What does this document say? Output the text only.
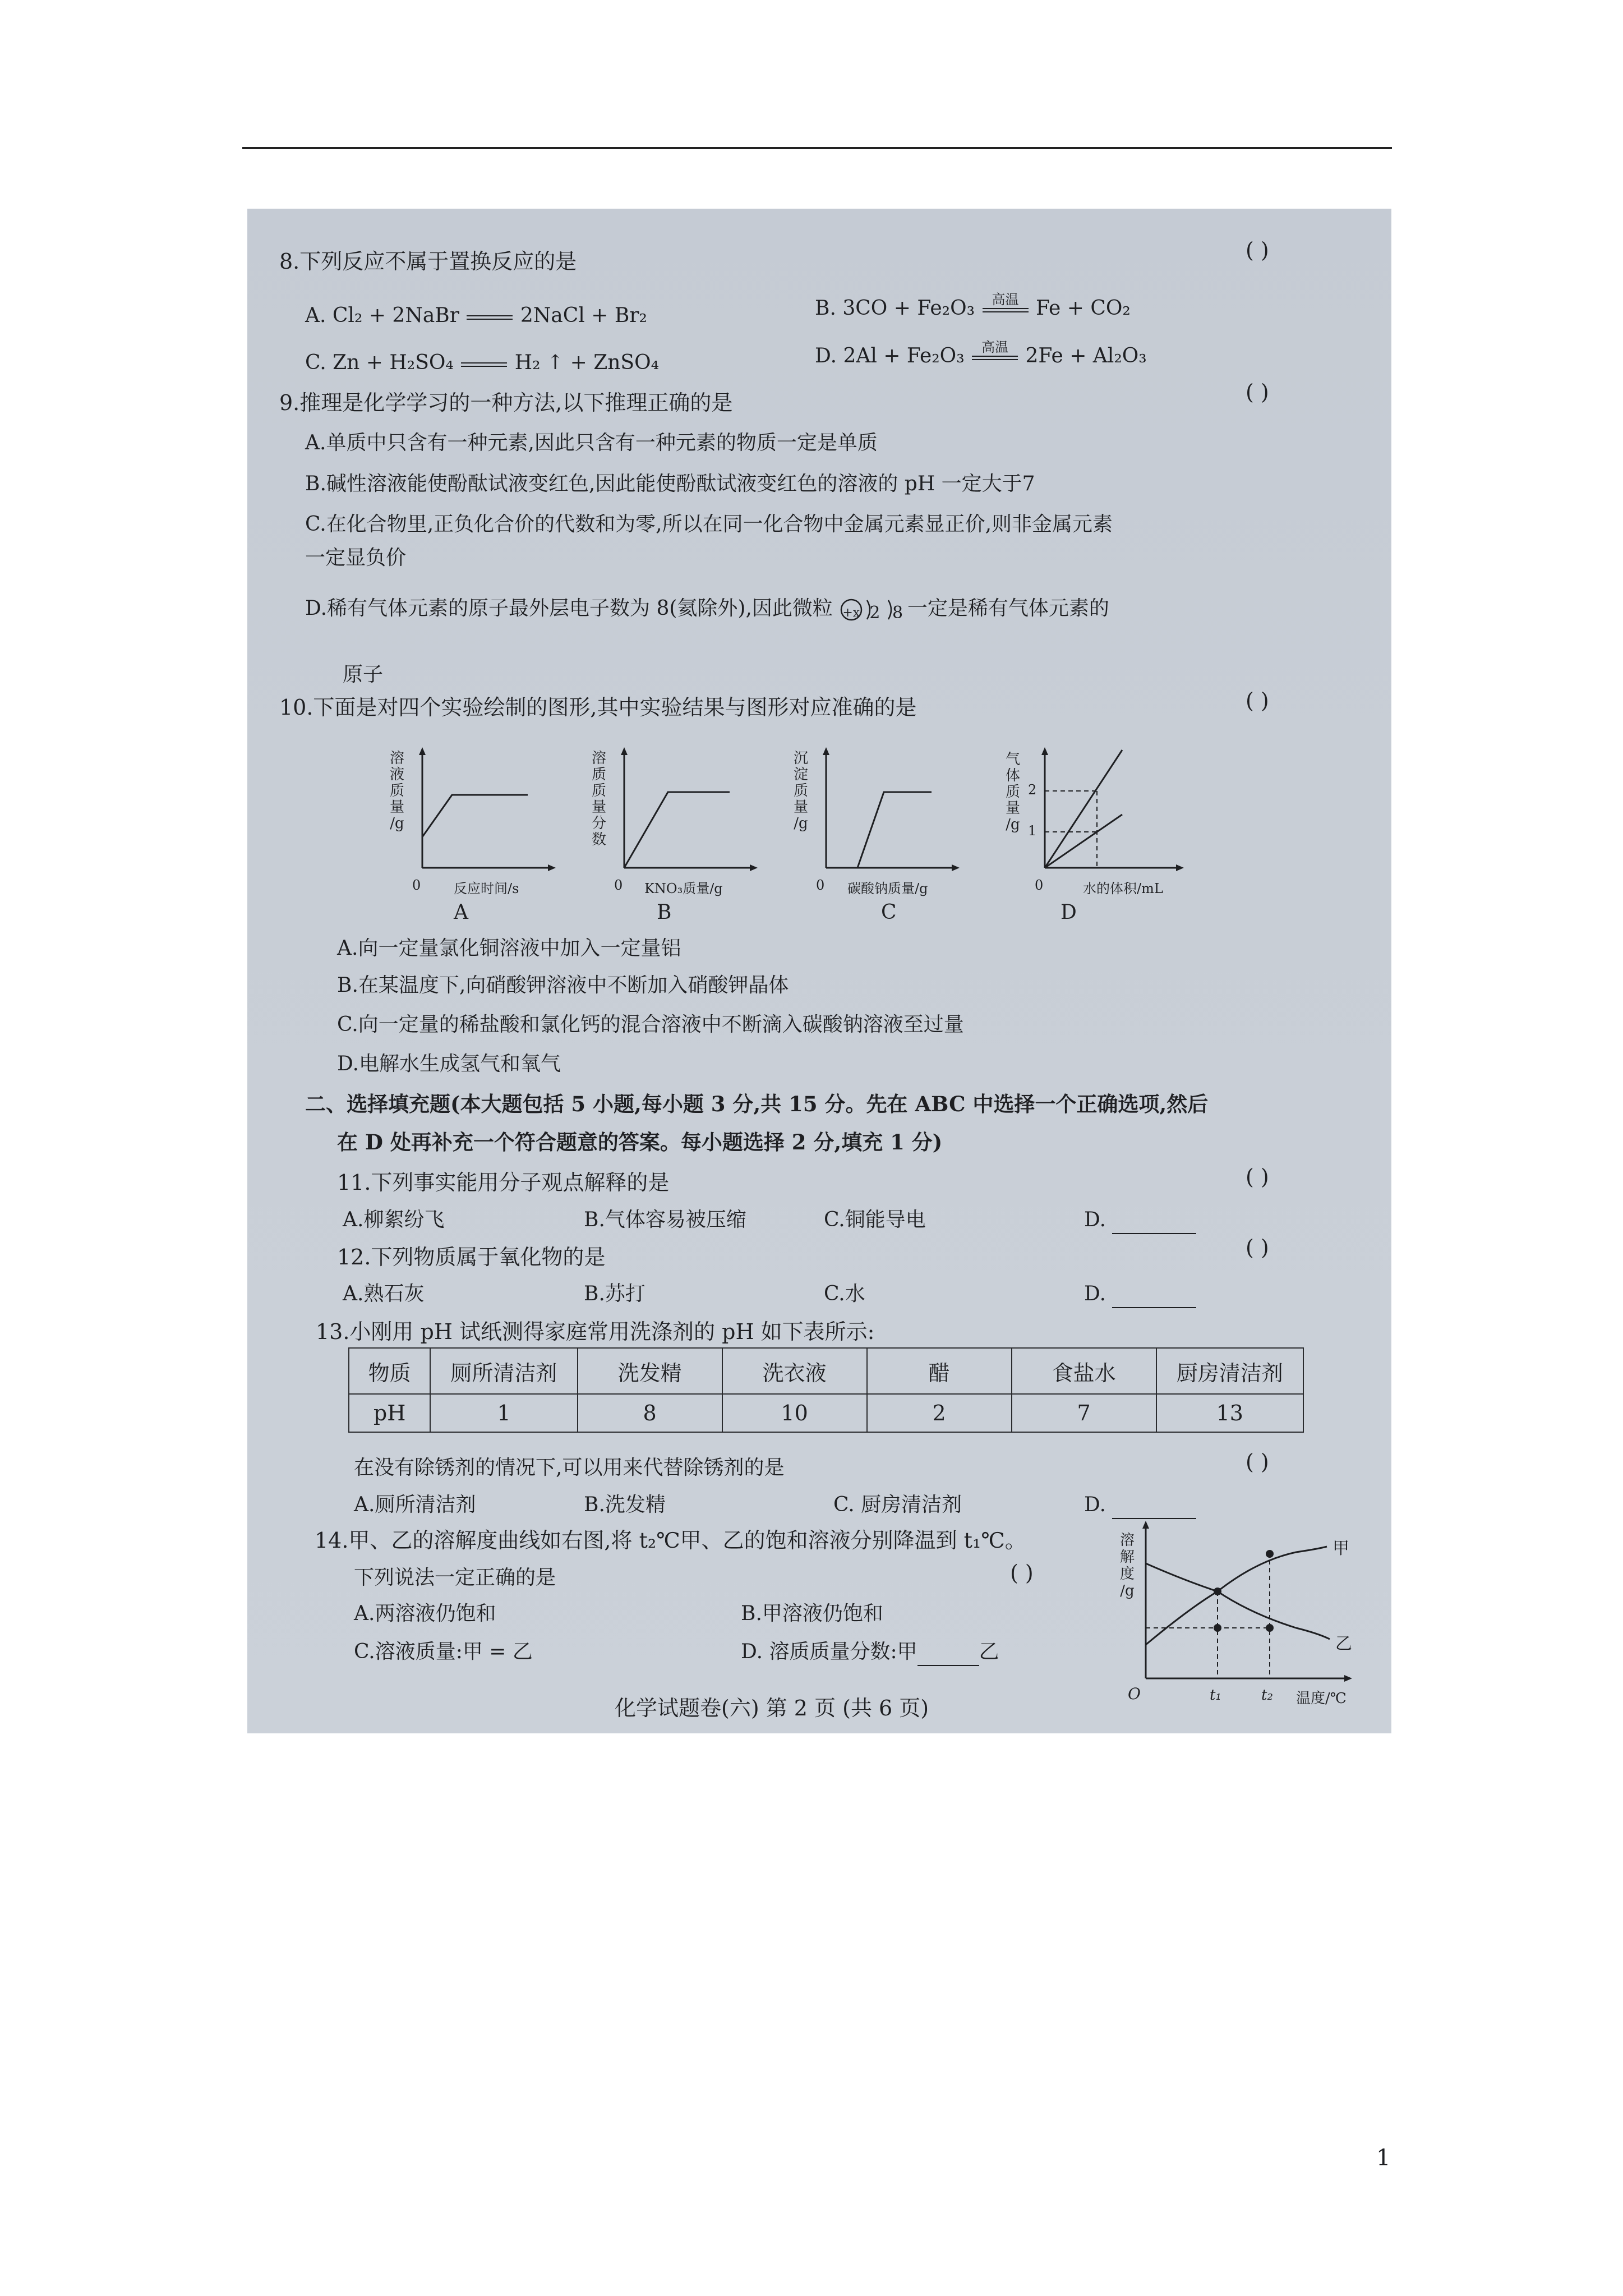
8.下列反应不属于置换反应的是	( )
A. Cl₂ + 2NaBr	2NaCl + Br₂	B. 3CO + Fe₂O₃	高温 Fe + CO₂
C. Zn + H₂SO₄	H₂ ↑ + ZnSO₄	D. 2Al + Fe₂O₃	高温 2Fe + Al₂O₃
9.推理是化学学习的一种方法,以下推理正确的是	( )
A.单质中只含有一种元素,因此只含有一种元素的物质一定是单质
B.碱性溶液能使酚酞试液变红色,因此能使酚酞试液变红色的溶液的 pH 一定大于7
C.在化合物里,正负化合价的代数和为零,所以在同一化合物中金属元素显正价,则非金属元素
一定显负价
D.稀有气体元素的原子最外层电子数为 8(氦除外),因此微粒 +x 2 8 一定是稀有气体元素的
原子
10.下面是对四个实验绘制的图形,其中实验结果与图形对应准确的是	( )
溶
液
质
量
/g
0 反应时间/s
A
溶
质
质
量
分
数
0 KNO₃质量/g
B
沉
淀
质
量
/g
0 碳酸钠质量/g
C
气
体
质
量
/g
2
1
0	水的体积/mL
D
A.向一定量氯化铜溶液中加入一定量铝
B.在某温度下,向硝酸钾溶液中不断加入硝酸钾晶体
C.向一定量的稀盐酸和氯化钙的混合溶液中不断滴入碳酸钠溶液至过量
D.电解水生成氢气和氧气
二、选择填充题(本大题包括 5 小题,每小题 3 分,共 15 分。先在 ABC 中选择一个正确选项,然后
在 D 处再补充一个符合题意的答案。每小题选择 2 分,填充 1 分)
11.下列事实能用分子观点解释的是	( )
A.柳絮纷飞	B.气体容易被压缩	C.铜能导电	D.
12.下列物质属于氧化物的是	( )
A.熟石灰	B.苏打	C.水	D.
13.小刚用 pH 试纸测得家庭常用洗涤剂的 pH 如下表所示:
物质	厕所清洁剂	洗发精	洗衣液	醋	食盐水	厨房清洁剂
pH	1	8	10	2	7	13
在没有除锈剂的情况下,可以用来代替除锈剂的是	( )
A.厕所清洁剂	B.洗发精	C. 厨房清洁剂	D.
14.甲、乙的溶解度曲线如右图,将 t₂℃甲、乙的饱和溶液分别降温到 t₁℃。
下列说法一定正确的是	( )
A.两溶液仍饱和	B.甲溶液仍饱和
C.溶液质量:甲 = 乙	D. 溶质质量分数:甲	乙
溶
解
度
/g
甲
乙
O	t₁	t₂ 温度/℃
化学试题卷(六) 第 2 页 (共 6 页)
1
